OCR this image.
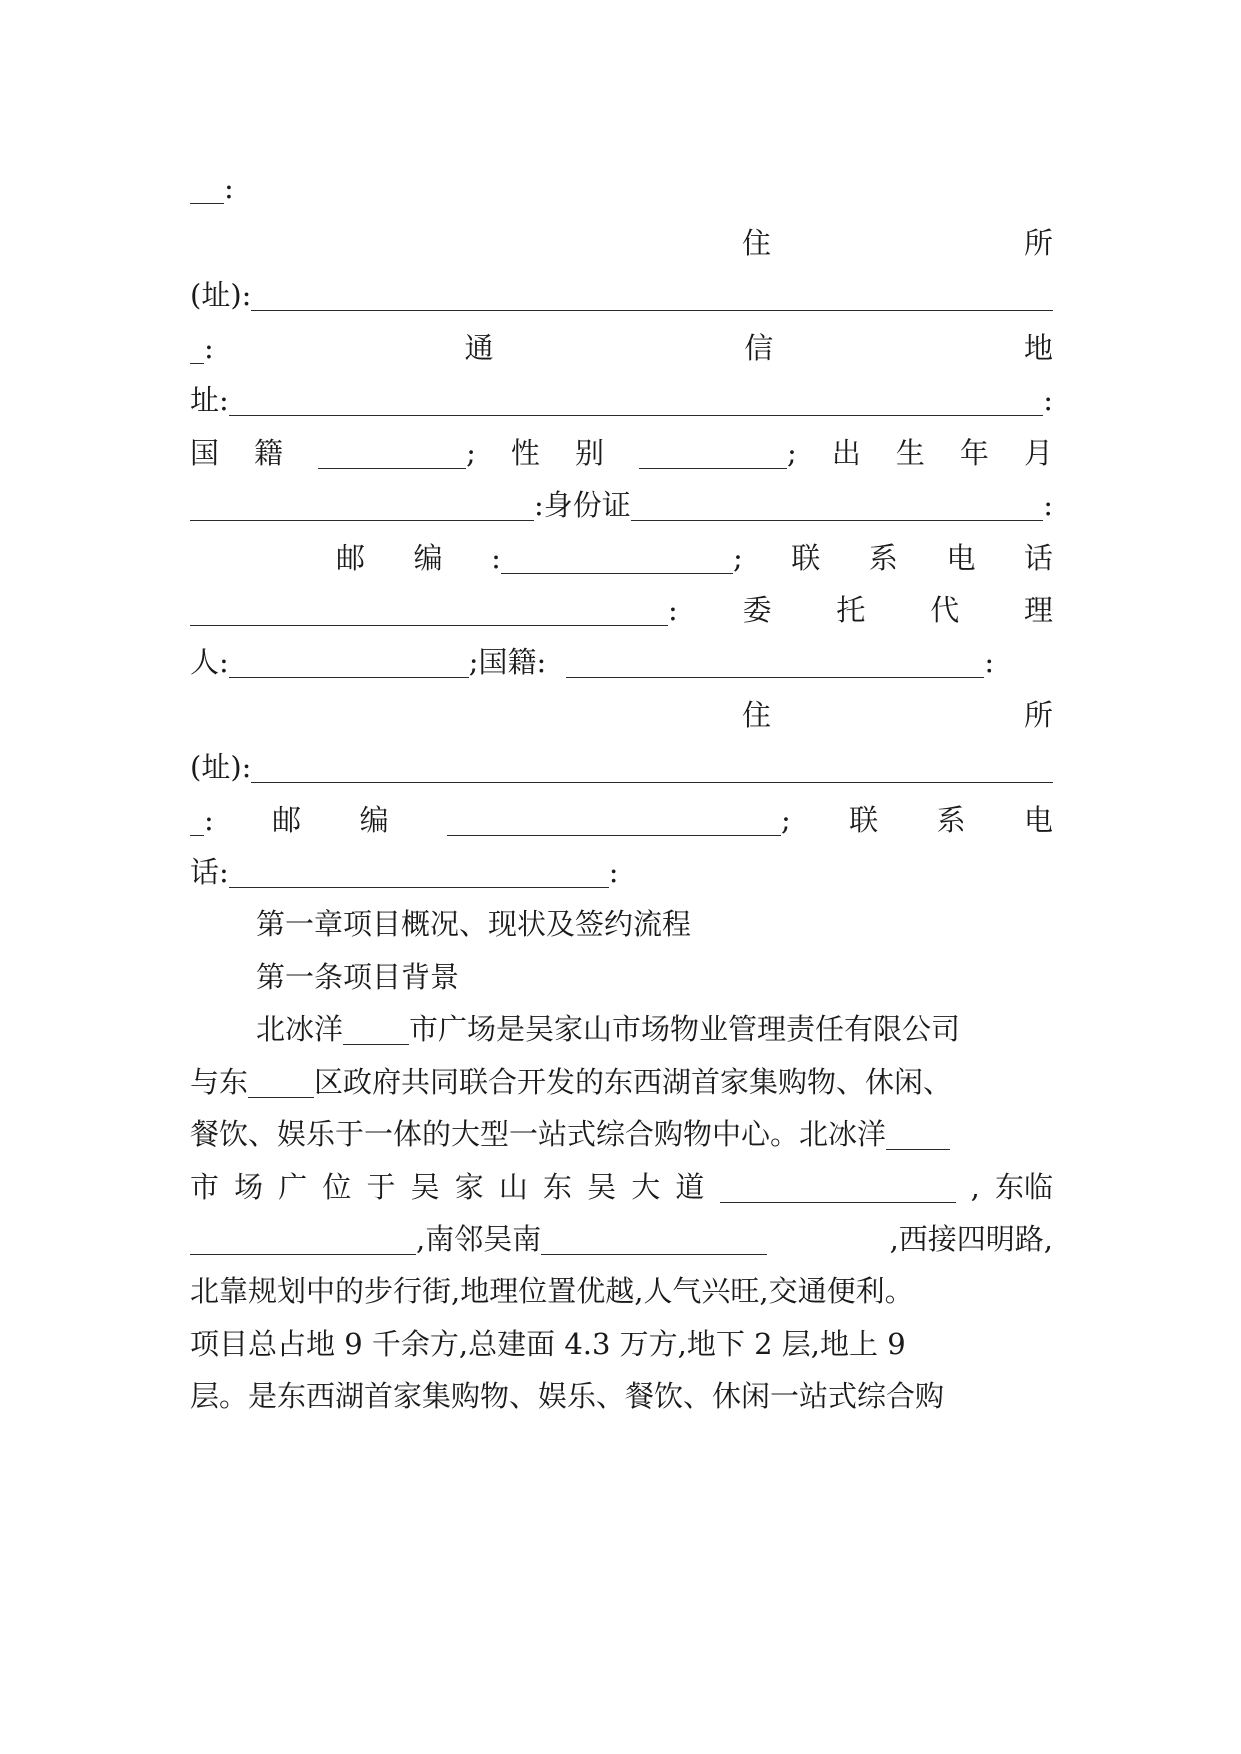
:
住	所
(址):
:	通	信	地
址:	:
国 籍	; 性 别	; 出 生 年 月
:身份证	:
邮 编 :	; 联 系 电 话
: 委 托 代 理
人:	;国籍:	:
住	所
(址):
: 邮 编	; 联 系 电
话:	:
第一章项目概况、现状及签约流程
第一条项目背景
北冰洋 市广场是吴家山市场物业管理责任有限公司
与东 区政府共同联合开发的东西湖首家集购物、休闲、
餐饮、娱乐于一体的大型一站式综合购物中心。北冰洋
市 场 广 位 于 吴 家 山 东 吴 大 道	, 东临
,南邻吴南	,西接四明路,
北靠规划中的步行街,地理位置优越,人气兴旺,交通便利。
项目总占地 9 千余方,总建面 4.3 万方,地下 2 层,地上 9
层。是东西湖首家集购物、娱乐、餐饮、休闲一站式综合购
